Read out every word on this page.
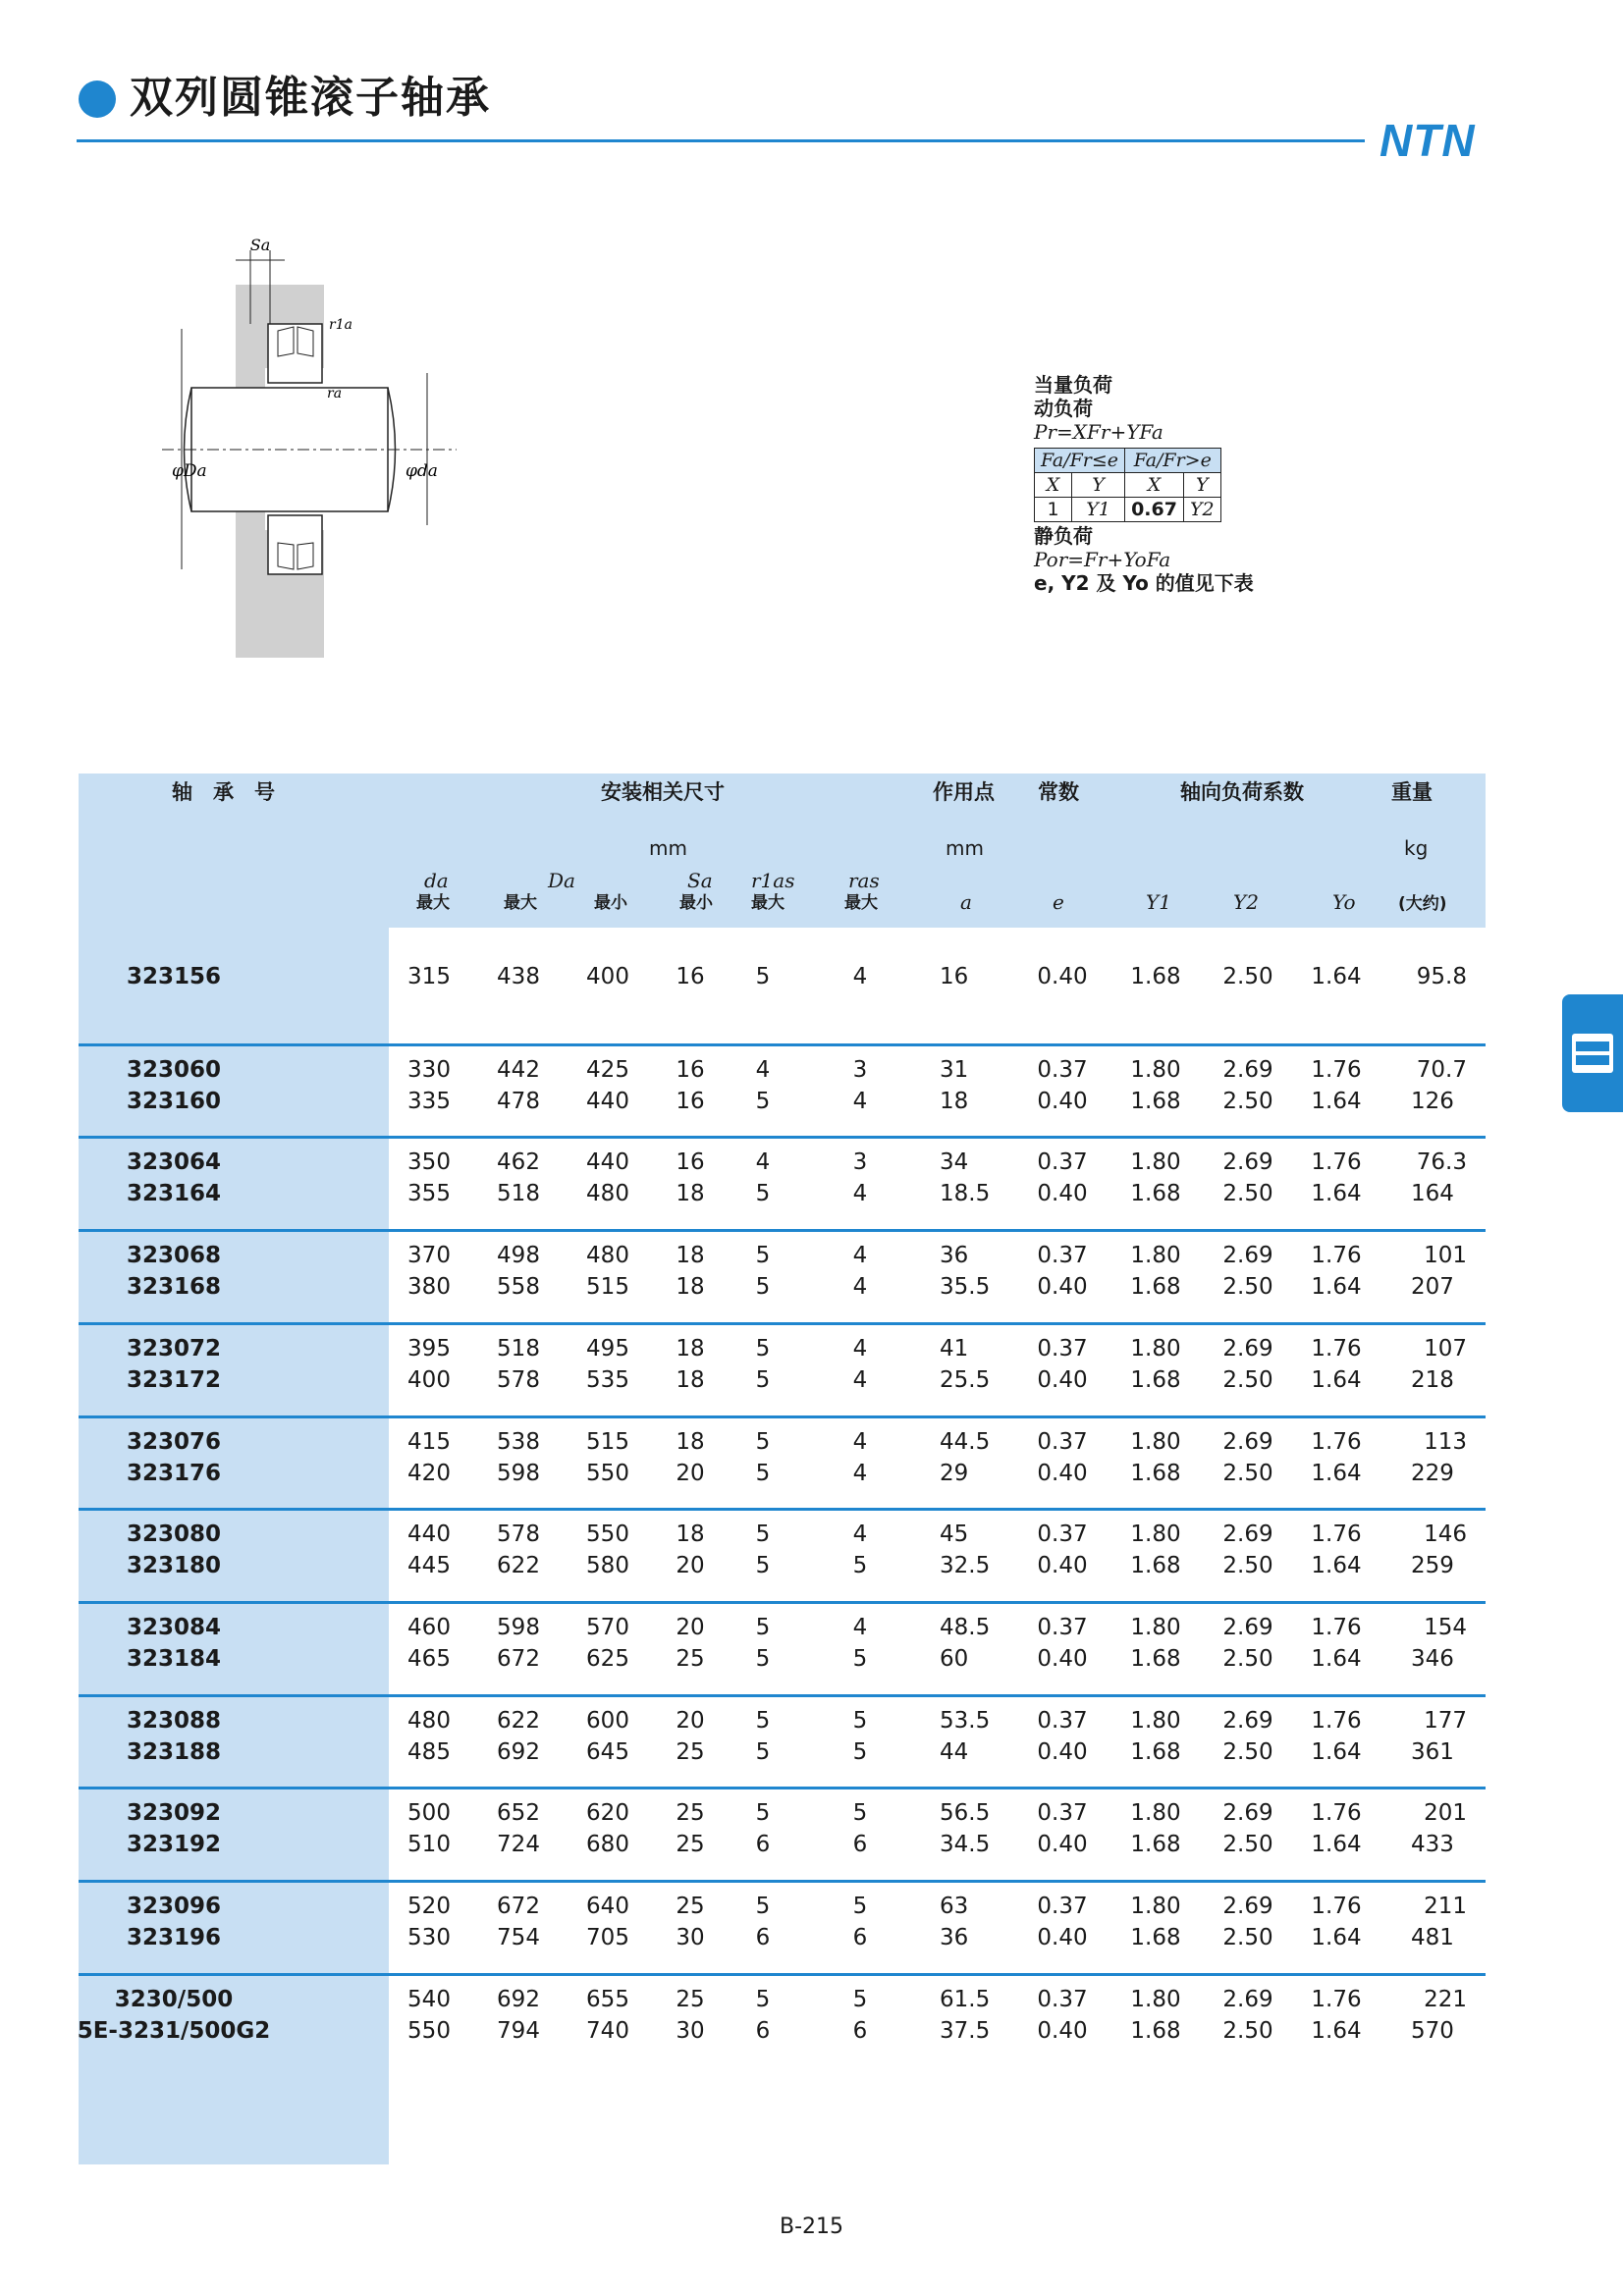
双列圆锥滚子轴承
NTN
Sa
r1a
ra
φDa	φda
当量负荷
动负荷
Pr=XFr+YFa
Fa/Fr≤e		Fa/Fr>e	
X	Y	X	Y
1	Y1	0.67	Y2
静负荷
Por=Fr+YoFa
e, Y2 及 Yo 的值见下表
轴　承　号	安装相关尺寸	作用点 常数	轴向负荷系数	重量
mm	mm	kg
da	Da	Sa r1as	ras
最大	最大	最小	最小 最大	最大	a	e	Y1	Y2	Yo	(大约)
323156	315 438 400 16 5	4	16	0.40 1.68 2.50 1.64 95.8
323060	330 442 425 16 4	3	31	0.37 1.80 2.69 1.76 70.7
323160	335 478 440 16 5	4	18	0.40 1.68 2.50 1.64 126
323064	350 462 440 16 4	3	34	0.37 1.80 2.69 1.76 76.3
323164	355 518 480 18 5	4	18.5 0.40 1.68 2.50 1.64 164
323068	370 498 480 18 5	4	36	0.37 1.80 2.69 1.76	101
323168	380 558 515 18 5	4	35.5 0.40 1.68 2.50 1.64 207
323072	395 518 495 18 5	4	41	0.37 1.80 2.69 1.76	107
323172	400 578 535 18 5	4	25.5 0.40 1.68 2.50 1.64 218
323076	415 538 515 18 5	4	44.5 0.37 1.80 2.69 1.76	113
323176	420 598 550 20 5	4	29	0.40 1.68 2.50 1.64 229
323080	440 578 550 18 5	4	45	0.37 1.80 2.69 1.76	146
323180	445 622 580 20 5	5	32.5 0.40 1.68 2.50 1.64 259
323084	460 598 570 20 5	4	48.5 0.37 1.80 2.69 1.76	154
323184	465 672 625 25 5	5	60	0.40 1.68 2.50 1.64 346
323088	480 622 600 20 5	5	53.5 0.37 1.80 2.69 1.76	177
323188	485 692 645 25 5	5	44	0.40 1.68 2.50 1.64 361
323092	500 652 620 25 5	5	56.5 0.37 1.80 2.69 1.76	201
323192	510 724 680 25 6	6	34.5 0.40 1.68 2.50 1.64 433
323096	520 672 640 25 5	5	63	0.37 1.80 2.69 1.76	211
323196	530 754 705 30 6	6	36	0.40 1.68 2.50 1.64 481
3230/500	540 692 655 25 5	5	61.5 0.37 1.80 2.69 1.76	221
5E-3231/500G2	550 794 740 30 6	6	37.5 0.40 1.68 2.50 1.64 570
B-215
